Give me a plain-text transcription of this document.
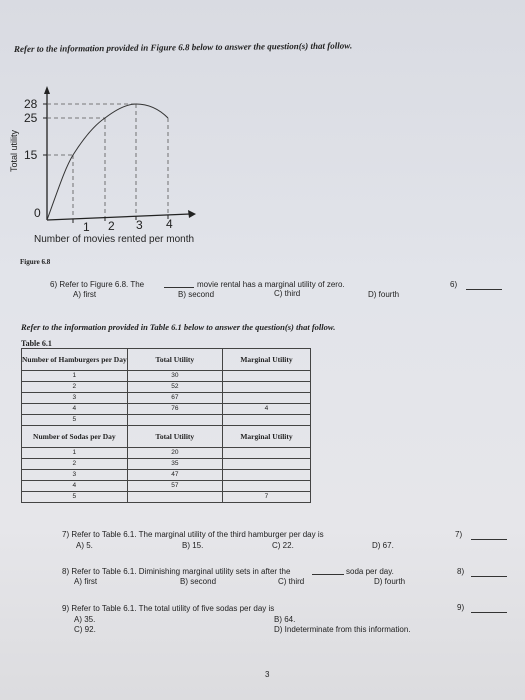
Refer to the information provided in Figure 6.8 below to answer the question(s) that follow.
28
25
15
0
1 2 3 4
Total utility
Number of movies rented per month
Figure 6.8
6) Refer to Figure 6.8. The	movie rental has a marginal utility of zero.
A) first	B) second	C) third	D) fourth
6)
Refer to the information provided in Table 6.1 below to answer the question(s) that follow.
Table 6.1
Number of Hamburgers per Day	Total Utility	Marginal Utility
1	30	
2	52	
3	67	
4	76	4
5		
Number of Sodas per Day	Total Utility	Marginal Utility
1	20	
2	35	
3	47	
4	57	
5		7
7) Refer to Table 6.1. The marginal utility of the third hamburger per day is
A) 5.	B) 15.	C) 22.	D) 67.
7)
8) Refer to Table 6.1. Diminishing marginal utility sets in after the	soda per day.
A) first	B) second	C) third	D) fourth
8)
9) Refer to Table 6.1. The total utility of five sodas per day is
A) 35.	B) 64.
C) 92.	D) Indeterminate from this information.
9)
3
